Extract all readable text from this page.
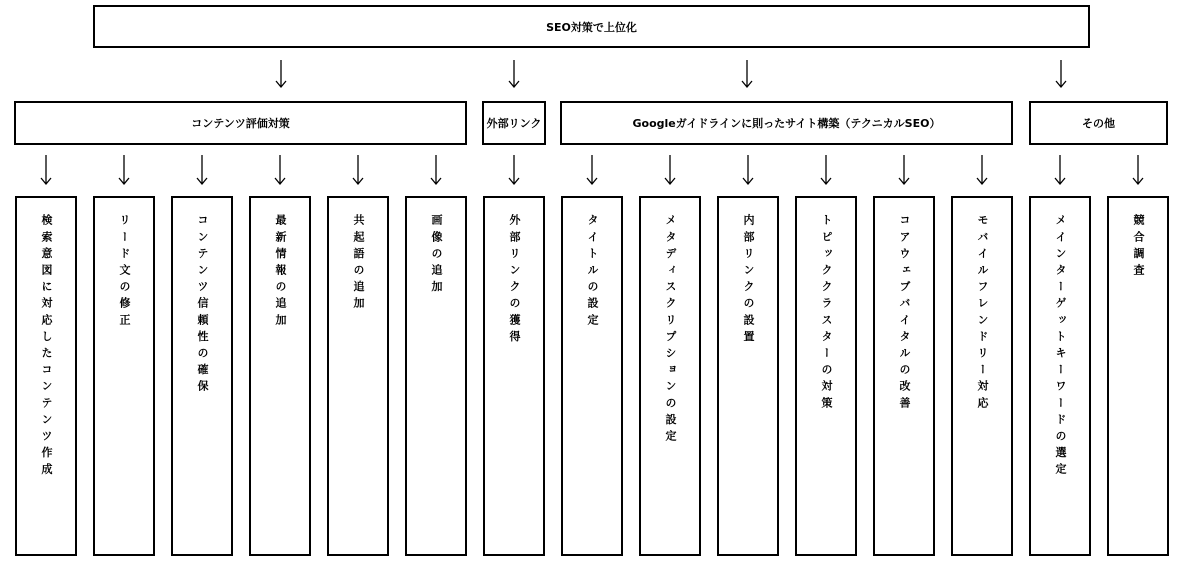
SEO対策で上位化
コンテンツ評価対策	外部リンク	Googleガイドラインに則ったサイト構築（テクニカルSEO）	その他
検索意図に対応したコンテンツ作成	リード文の修正	コンテンツ信頼性の確保	最新情報の追加	共起語の追加	画像の追加	外部リンクの獲得	タイトルの設定	メタディスクリプションの設定	内部リンクの設置	トピッククラスターの対策	コアウェブバイタルの改善	モバイルフレンドリー対応	メインターゲットキーワードの選定	競合調査
